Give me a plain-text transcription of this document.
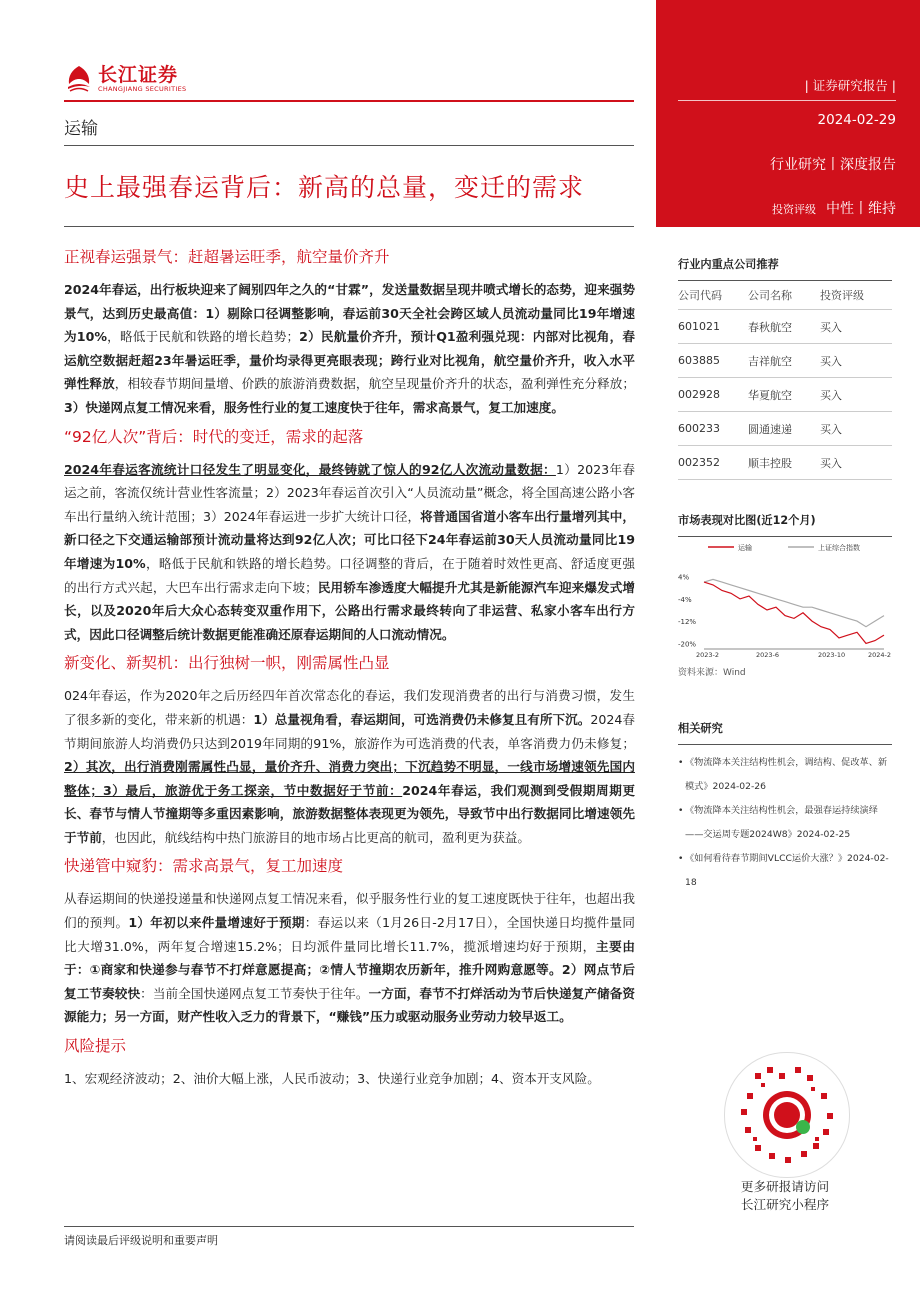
长江证券
CHANGJIANG SECURITIES
运输
史上最强春运背后：新高的总量，变迁的需求
正视春运强景气：赶超暑运旺季，航空量价齐升
2024年春运，出行板块迎来了阔别四年之久的“甘霖”，发送量数据呈现井喷式增长的态势，迎来强势景气，达到历史最高值：1）剔除口径调整影响，春运前30天全社会跨区域人员流动量同比19年增速为10%，略低于民航和铁路的增长趋势；2）民航量价齐升，预计Q1盈利强兑现：内部对比视角，春运航空数据赶超23年暑运旺季，量价均录得更亮眼表现；跨行业对比视角，航空量价齐升，收入水平弹性释放，相较春节期间量增、价跌的旅游消费数据，航空呈现量价齐升的状态，盈利弹性充分释放；3）快递网点复工情况来看，服务性行业的复工速度快于往年，需求高景气，复工加速度。
“92亿人次”背后：时代的变迁，需求的起落
2024年春运客流统计口径发生了明显变化，最终铸就了惊人的92亿人次流动量数据：1）2023年春运之前，客流仅统计营业性客流量；2）2023年春运首次引入“人员流动量”概念，将全国高速公路小客车出行量纳入统计范围；3）2024年春运进一步扩大统计口径，将普通国省道小客车出行量增列其中，新口径之下交通运输部预计流动量将达到92亿人次；可比口径下24年春运前30天人员流动量同比19年增速为10%，略低于民航和铁路的增长趋势。口径调整的背后，在于随着时效性更高、舒适度更强的出行方式兴起，大巴车出行需求走向下坡；民用轿车渗透度大幅提升尤其是新能源汽车迎来爆发式增长，以及2020年后大众心态转变双重作用下，公路出行需求最终转向了非运营、私家小客车出行方式，因此口径调整后统计数据更能准确还原春运期间的人口流动情况。
新变化、新契机：出行独树一帜，刚需属性凸显
024年春运，作为2020年之后历经四年首次常态化的春运，我们发现消费者的出行与消费习惯，发生了很多新的变化，带来新的机遇：1）总量视角看，春运期间，可选消费仍未修复且有所下沉。2024春节期间旅游人均消费仍只达到2019年同期的91%，旅游作为可选消费的代表，单客消费力仍未修复；2）其次，出行消费刚需属性凸显，量价齐升、消费力突出；下沉趋势不明显，一线市场增速领先国内整体；3）最后，旅游优于务工探亲，节中数据好于节前：2024年春运，我们观测到受假期周期更长、春节与情人节撞期等多重因素影响，旅游数据整体表现更为领先，导致节中出行数据同比增速领先于节前，也因此，航线结构中热门旅游目的地市场占比更高的航司，盈利更为获益。
快递管中窥豹：需求高景气，复工加速度
从春运期间的快递投递量和快递网点复工情况来看，似乎服务性行业的复工速度既快于往年，也超出我们的预判。1）年初以来件量增速好于预期：春运以来（1月26日-2月17日），全国快递日均揽件量同比大增31.0%，两年复合增速15.2%；日均派件量同比增长11.7%，揽派增速均好于预期，主要由于：①商家和快递参与春节不打烊意愿提高；②情人节撞期农历新年，推升网购意愿等。2）网点节后复工节奏较快：当前全国快递网点复工节奏快于往年。一方面，春节不打烊活动为节后快递复产储备资源能力；另一方面，财产性收入乏力的背景下，“赚钱”压力或驱动服务业劳动力较早返工。
风险提示
1、宏观经济波动；2、油价大幅上涨，人民币波动；3、快递行业竞争加剧；4、资本开支风险。
请阅读最后评级说明和重要声明
| 证券研究报告 |
2024-02-29
行业研究丨深度报告
投资评级 中性丨维持
行业内重点公司推荐
公司代码	公司名称	投资评级
601021	春秋航空	买入
603885	吉祥航空	买入
002928	华夏航空	买入
600233	圆通速递	买入
002352	顺丰控股	买入
市场表现对比图(近12个月)
运输	上证综合指数
4%
-4%
-12%
-20%
2023-2	2023-6	2023-10	2024-2
资料来源：Wind
相关研究
• 《物流降本关注结构性机会，调结构、促改革、新模式》2024-02-26
• 《物流降本关注结构性机会，最强春运持续演绎——交运周专题2024W8》2024-02-25
• 《如何看待春节期间VLCC运价大涨？》2024-02-18
更多研报请访问
长江研究小程序
